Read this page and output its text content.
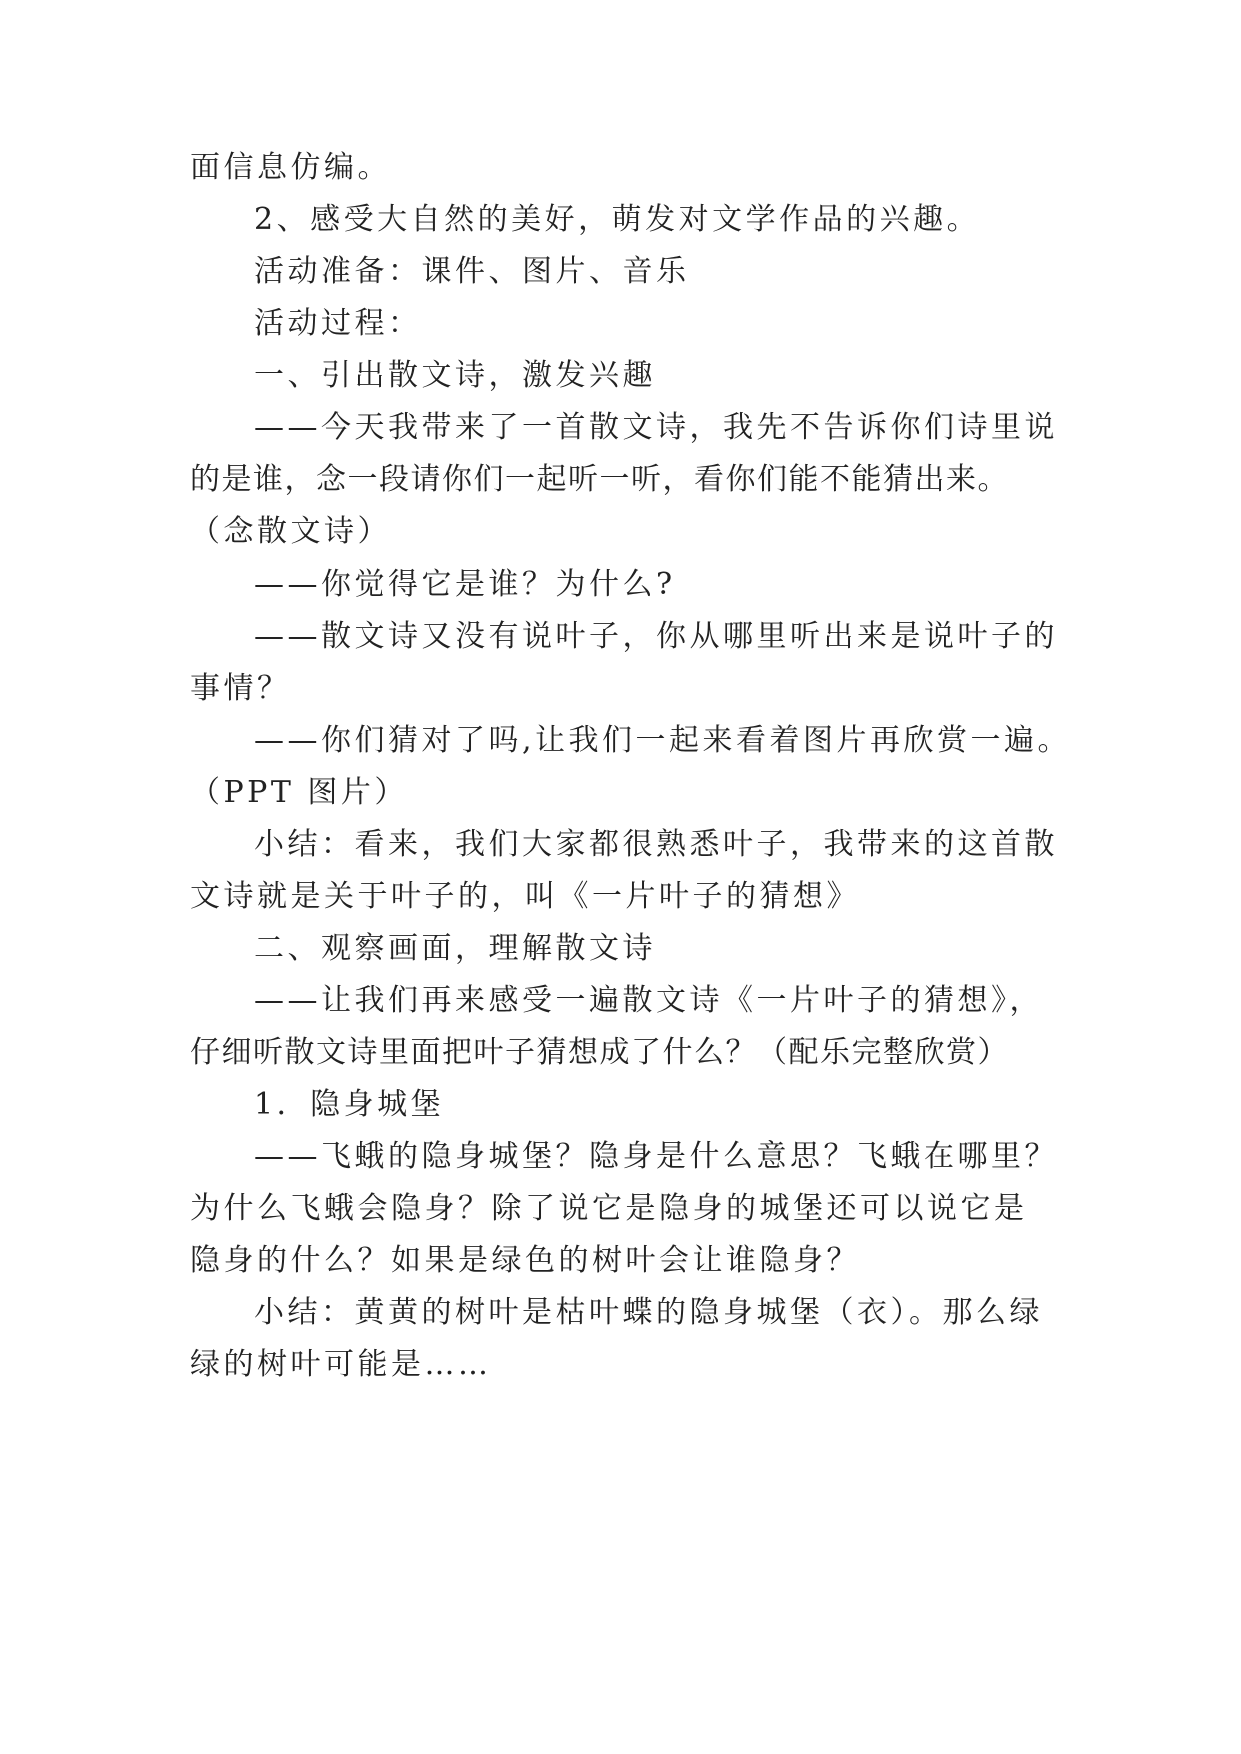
面信息仿编。
2、感受大自然的美好，萌发对文学作品的兴趣。
活动准备：课件、图片、音乐
活动过程：
一、引出散文诗，激发兴趣
——今天我带来了一首散文诗，我先不告诉你们诗里说
的是谁，念一段请你们一起听一听，看你们能不能猜出来。
（念散文诗）
——你觉得它是谁？为什么?
——散文诗又没有说叶子，你从哪里听出来是说叶子的
事情？
——你们猜对了吗,让我们一起来看着图片再欣赏一遍。
（PPT 图片）
小结：看来，我们大家都很熟悉叶子，我带来的这首散
文诗就是关于叶子的，叫《一片叶子的猜想》
二、观察画面，理解散文诗
——让我们再来感受一遍散文诗《一片叶子的猜想》，
仔细听散文诗里面把叶子猜想成了什么？（配乐完整欣赏）
1．隐身城堡
——飞蛾的隐身城堡？隐身是什么意思？飞蛾在哪里？
为什么飞蛾会隐身？除了说它是隐身的城堡还可以说它是
隐身的什么？如果是绿色的树叶会让谁隐身？
小结：黄黄的树叶是枯叶蝶的隐身城堡（衣）。那么绿
绿的树叶可能是……
